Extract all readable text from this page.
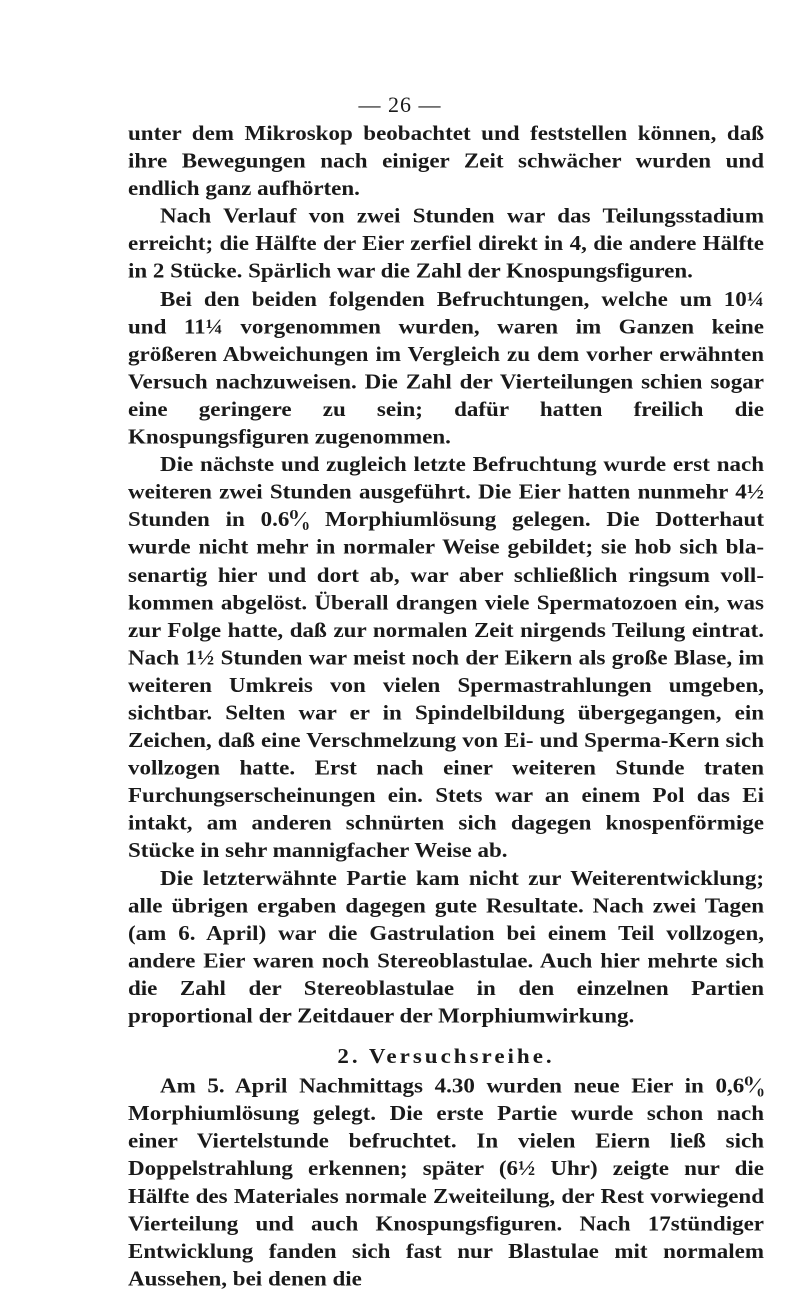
— 26 —

unter dem Mikroskop beobachtet und feststellen können, daß ihre Bewegungen nach einiger Zeit schwächer wurden und endlich ganz aufhörten.

Nach Verlauf von zwei Stunden war das Teilungsstadium erreicht; die Hälfte der Eier zerfiel direkt in 4, die andere Hälfte in 2 Stücke. Spärlich war die Zahl der Knospungsfiguren.

Bei den beiden folgenden Befruchtungen, welche um 10¼ und 11¼ vorgenommen wurden, waren im Ganzen keine größeren Abweichungen im Vergleich zu dem vorher erwähnten Versuch nachzuweisen. Die Zahl der Vierteilungen schien sogar eine geringere zu sein; dafür hatten freilich die Knospungsfiguren zugenommen.

Die nächste und zugleich letzte Befruchtung wurde erst nach weiteren zwei Stunden ausgeführt. Die Eier hatten nunmehr 4½ Stunden in 0.6⁰⁄₀ Morphiumlösung gelegen. Die Dotterhaut wurde nicht mehr in normaler Weise gebildet; sie hob sich blasenartig hier und dort ab, war aber schließlich ringsum vollkommen abgelöst. Überall drangen viele Spermatozoen ein, was zur Folge hatte, daß zur normalen Zeit nirgends Teilung eintrat. Nach 1½ Stunden war meist noch der Eikern als große Blase, im weiteren Umkreis von vielen Spermastrahlungen umgeben, sichtbar. Selten war er in Spindelbildung übergegangen, ein Zeichen, daß eine Verschmelzung von Ei- und Sperma-Kern sich vollzogen hatte. Erst nach einer weiteren Stunde traten Furchungserscheinungen ein. Stets war an einem Pol das Ei intakt, am anderen schnürten sich dagegen knospenförmige Stücke in sehr mannigfacher Weise ab.

Die letzterwähnte Partie kam nicht zur Weiterentwicklung; alle übrigen ergaben dagegen gute Resultate. Nach zwei Tagen (am 6. April) war die Gastrulation bei einem Teil vollzogen, andere Eier waren noch Stereoblastulae. Auch hier mehrte sich die Zahl der Stereoblastulae in den einzelnen Partien proportional der Zeitdauer der Morphiumwirkung.

2. Versuchsreihe.

Am 5. April Nachmittags 4.30 wurden neue Eier in 0,6⁰⁄₀ Morphiumlösung gelegt. Die erste Partie wurde schon nach einer Viertelstunde befruchtet. In vielen Eiern ließ sich Doppelstrahlung erkennen; später (6½ Uhr) zeigte nur die Hälfte des Materiales normale Zweiteilung, der Rest vorwiegend Vierteilung und auch Knospungsfiguren. Nach 17stündiger Entwicklung fanden sich fast nur Blastulae mit normalem Aussehen, bei denen die
